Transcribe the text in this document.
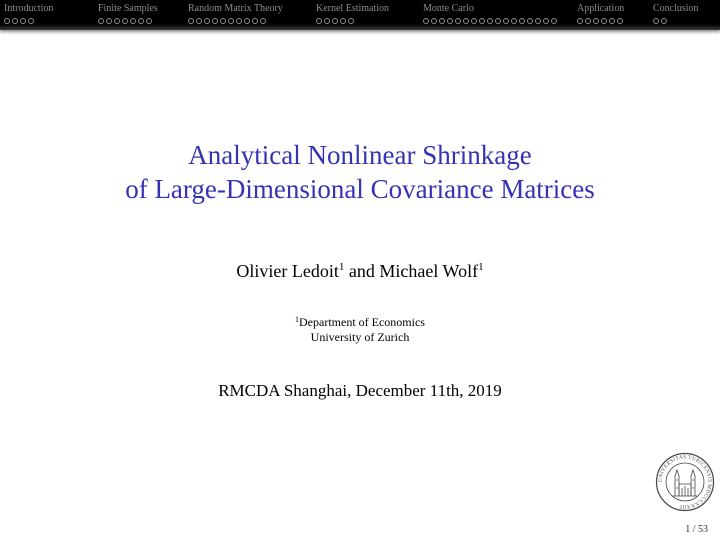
Introduction	Finite Samples	Random Matrix Theory	Kernel Estimation	Monte Carlo	Application	Conclusion
Analytical Nonlinear Shrinkage
of Large-Dimensional Covariance Matrices
Olivier Ledoit$^1$ and Michael Wolf$^1$
$^1$Department of Economics
University of Zurich
RMCDA Shanghai, December 11th, 2019
UNIVERSITAS TURICENSIS MDCCCXXXIII
1 / 53
